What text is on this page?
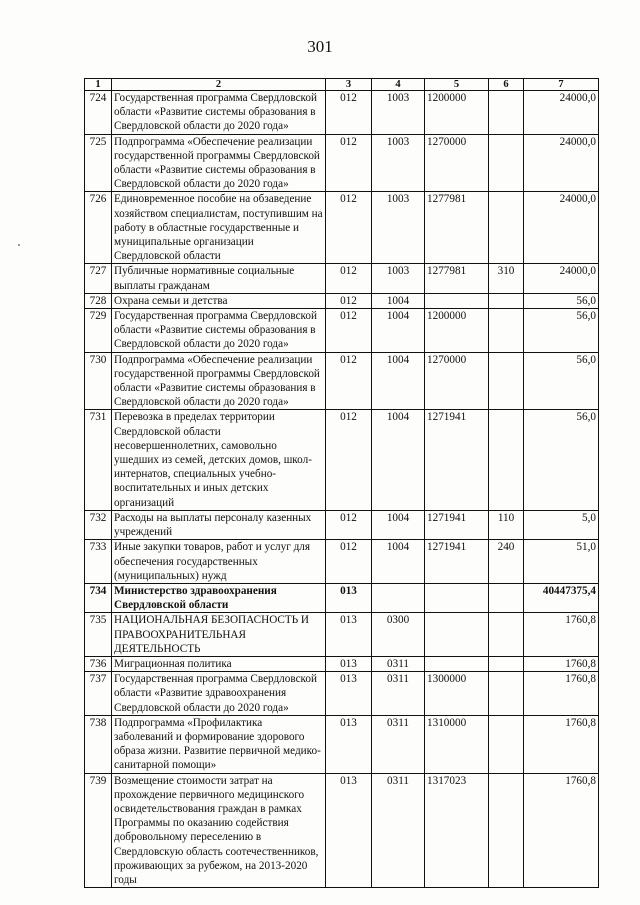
301
1	2	3	4	5	6	7
724	Государственная программа Свердловской области «Развитие системы образования в Свердловской области до 2020 года»	012	1003	1200000		24000,0
725	Подпрограмма «Обеспечение реализации государственной программы Свердловской области «Развитие системы образования в Свердловской области до 2020 года»	012	1003	1270000		24000,0
726	Единовременное пособие на обзаведение хозяйством специалистам, поступившим на работу в областные государственные и муниципальные организации Свердловской области	012	1003	1277981		24000,0
727	Публичные нормативные социальные выплаты гражданам	012	1003	1277981	310	24000,0
728	Охрана семьи и детства	012	1004			56,0
729	Государственная программа Свердловской области «Развитие системы образования в Свердловской области до 2020 года»	012	1004	1200000		56,0
730	Подпрограмма «Обеспечение реализации государственной программы Свердловской области «Развитие системы образования в Свердловской области до 2020 года»	012	1004	1270000		56,0
731	Перевозка в пределах территории Свердловской области несовершеннолетних, самовольно ушедших из семей, детских домов, школ-интернатов, специальных учебно-воспитательных и иных детских организаций	012	1004	1271941		56,0
732	Расходы на выплаты персоналу казенных учреждений	012	1004	1271941	110	5,0
733	Иные закупки товаров, работ и услуг для обеспечения государственных (муниципальных) нужд	012	1004	1271941	240	51,0
734	Министерство здравоохранения Свердловской области	013				40447375,4
735	НАЦИОНАЛЬНАЯ БЕЗОПАСНОСТЬ И ПРАВООХРАНИТЕЛЬНАЯ ДЕЯТЕЛЬНОСТЬ	013	0300			1760,8
736	Миграционная политика	013	0311			1760,8
737	Государственная программа Свердловской области «Развитие здравоохранения Свердловской области до 2020 года»	013	0311	1300000		1760,8
738	Подпрограмма «Профилактика заболеваний и формирование здорового образа жизни. Развитие первичной медико-санитарной помощи»	013	0311	1310000		1760,8
739	Возмещение стоимости затрат на прохождение первичного медицинского освидетельствования граждан в рамках Программы по оказанию содействия добровольному переселению в Свердловскую область соотечественников, проживающих за рубежом, на 2013-2020 годы	013	0311	1317023		1760,8
